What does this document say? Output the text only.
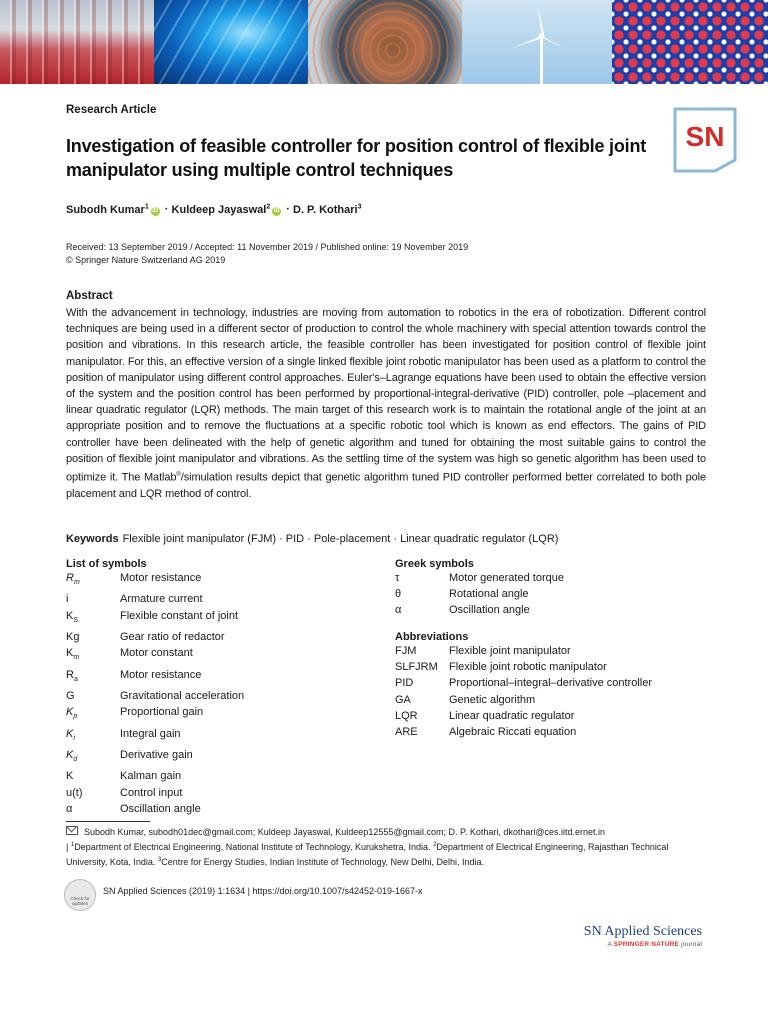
Research Article
Investigation of feasible controller for position control of flexible joint manipulator using multiple control techniques
SN
Subodh Kumar$^1$iD · Kuldeep Jayaswal$^2$iD · D. P. Kothari$^3$
Received: 13 September 2019 / Accepted: 11 November 2019 / Published online: 19 November 2019
© Springer Nature Switzerland AG 2019
Abstract
With the advancement in technology, industries are moving from automation to robotics in the era of robotization. Different control techniques are being used in a different sector of production to control the whole machinery with special attention towards control the position and vibrations. In this research article, the feasible controller has been investigated for position control of flexible joint manipulator. For this, an effective version of a single linked flexible joint robotic manipulator has been used as a platform to control the position of manipulator using different control approaches. Euler's–Lagrange equations have been used to obtain the effective version of the system and the position control has been performed by proportional-integral-derivative (PID) controller, pole –placement and linear quadratic regulator (LQR) methods. The main target of this research work is to maintain the rotational angle of the joint at an appropriate position and to remove the fluctuations at a specific robotic tool which is known as end effectors. The gains of PID controller have been delineated with the help of genetic algorithm and tuned for obtaining the most suitable gains to control the position of flexible joint manipulator and vibrations. As the settling time of the system was high so genetic algorithm has been used to optimize it. The Matlab®/simulation results depict that genetic algorithm tuned PID controller performed better correlated to both pole placement and LQR method of control.
Keywords Flexible joint manipulator (FJM) · PID · Pole-placement · Linear quadratic regulator (LQR)
List of symbols
$R_m$	Motor resistance
i	Armature current
$K_S$	Flexible constant of joint
Kg	Gear ratio of redactor
$K_m$	Motor constant
$R_a$	Motor resistance
G	Gravitational acceleration
$K_p$	Proportional gain
$K_i$	Integral gain
$K_d$	Derivative gain
K	Kalman gain
u(t)	Control input
α	Oscillation angle
Greek symbols
τ	Motor generated torque
θ	Rotational angle
α	Oscillation angle
Abbreviations
FJM	Flexible joint manipulator
SLFJRM	Flexible joint robotic manipulator
PID	Proportional–integral–derivative controller
GA	Genetic algorithm
LQR	Linear quadratic regulator
ARE	Algebraic Riccati equation
Subodh Kumar, subodh01dec@gmail.com; Kuldeep Jayaswal, Kuldeep12555@gmail.com; D. P. Kothari, dkothari@ces.iitd.ernet.in
| $^1$Department of Electrical Engineering, National Institute of Technology, Kurukshetra, India. $^2$Department of Electrical Engineering, Rajasthan Technical University, Kota, India. $^3$Centre for Energy Studies, Indian Institute of Technology, New Delhi, Delhi, India.
Check for updates
SN Applied Sciences (2019) 1:1634 | https://doi.org/10.1007/s42452-019-1667-x
SN Applied Sciences
A SPRINGER NATURE journal
